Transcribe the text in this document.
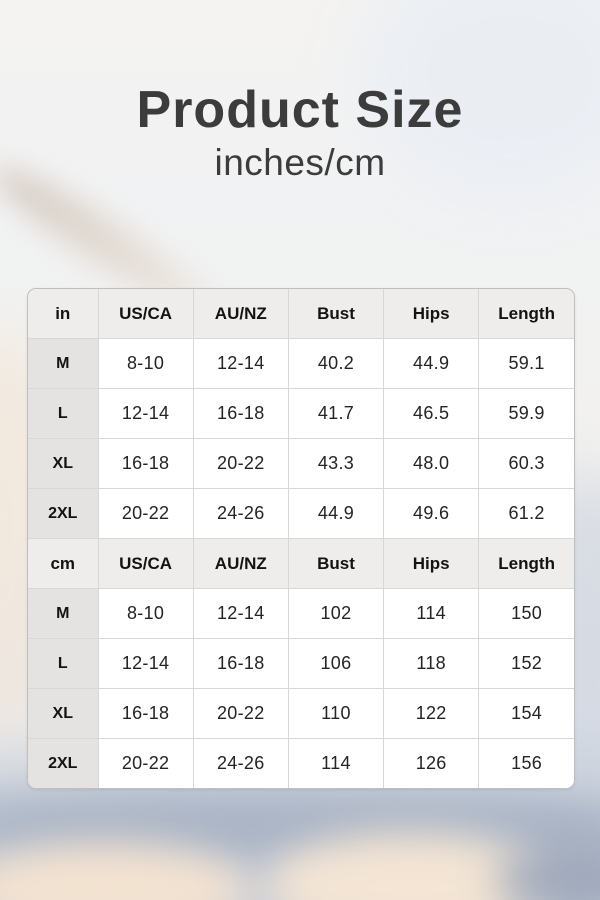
Product Size
inches/cm
in	US/CA	AU/NZ	Bust	Hips	Length
M	8-10	12-14	40.2	44.9	59.1
L	12-14	16-18	41.7	46.5	59.9
XL	16-18	20-22	43.3	48.0	60.3
2XL	20-22	24-26	44.9	49.6	61.2
cm	US/CA	AU/NZ	Bust	Hips	Length
M	8-10	12-14	102	114	150
L	12-14	16-18	106	118	152
XL	16-18	20-22	110	122	154
2XL	20-22	24-26	114	126	156
